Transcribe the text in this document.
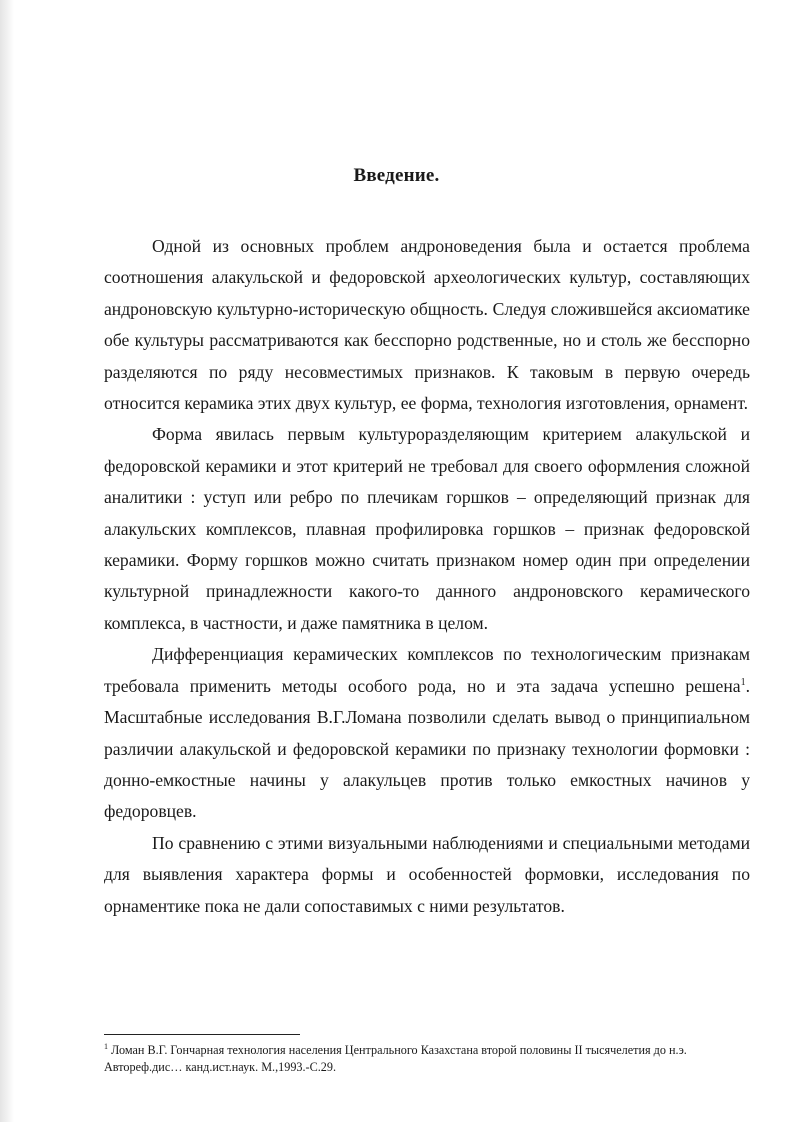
Введение.

Одной из основных проблем андроноведения была и остается проблема соотношения алакульской и федоровской археологических культур, составляющих андроновскую культурно-историческую общность. Следуя сложившейся аксиоматике обе культуры рассматриваются как бесспорно родственные, но и столь же бесспорно разделяются по ряду несовместимых признаков. К таковым в первую очередь относится керамика этих двух культур, ее форма, технология изготовления, орнамент.

Форма явилась первым культуроразделяющим критерием алакульской и федоровской керамики и этот критерий не требовал для своего оформления сложной аналитики : уступ или ребро по плечикам горшков – определяющий признак для алакульских комплексов, плавная профилировка горшков – признак федоровской керамики. Форму горшков можно считать признаком номер один при определении культурной принадлежности какого-то данного андроновского керамического комплекса, в частности, и даже памятника в целом.

Дифференциация керамических комплексов по технологическим признакам требовала применить методы особого рода, но и эта задача успешно решена$^1$. Масштабные исследования В.Г.Ломана позволили сделать вывод о принципиальном различии алакульской и федоровской керамики по признаку технологии формовки : донно-емкостные начины у алакульцев против только емкостных начинов у федоровцев.

По сравнению с этими визуальными наблюдениями и специальными методами для выявления характера формы и особенностей формовки, исследования по орнаментике пока не дали сопоставимых с ними результатов.

$^1$ Ломан В.Г. Гончарная технология населения Центрального Казахстана второй половины II тысячелетия до н.э. Автореф.дис… канд.ист.наук. М.,1993.-С.29.
